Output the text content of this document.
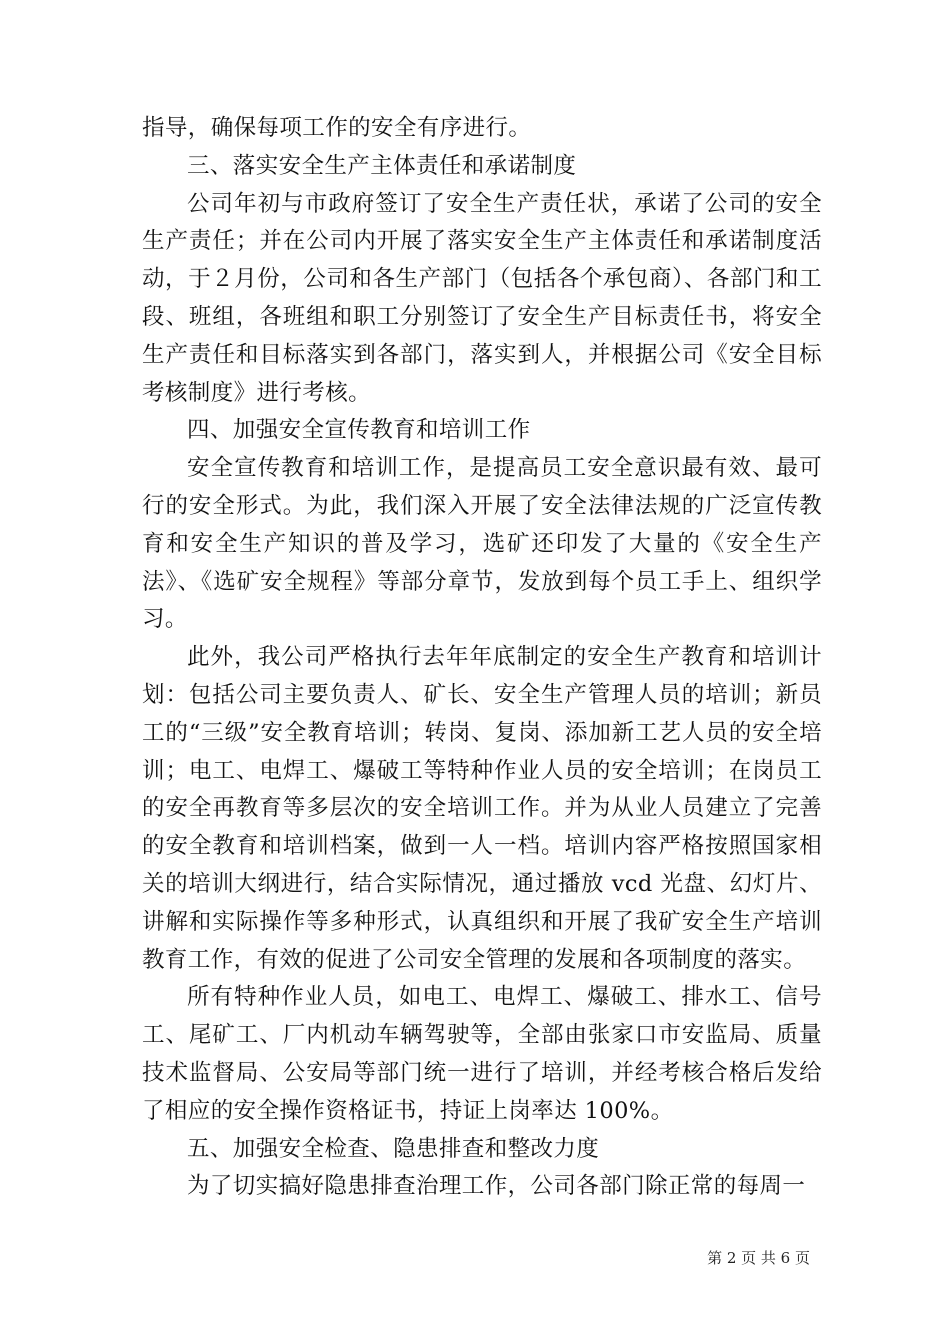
指导，确保每项工作的安全有序进行。

三、落实安全生产主体责任和承诺制度

公司年初与市政府签订了安全生产责任状，承诺了公司的安全生产责任；并在公司内开展了落实安全生产主体责任和承诺制度活动，于２月份，公司和各生产部门（包括各个承包商）、各部门和工段、班组，各班组和职工分别签订了安全生产目标责任书，将安全生产责任和目标落实到各部门，落实到人，并根据公司《安全目标考核制度》进行考核。

四、加强安全宣传教育和培训工作

安全宣传教育和培训工作，是提高员工安全意识最有效、最可行的安全形式。为此，我们深入开展了安全法律法规的广泛宣传教育和安全生产知识的普及学习，选矿还印发了大量的《安全生产法》、《选矿安全规程》等部分章节，发放到每个员工手上、组织学习。

此外，我公司严格执行去年年底制定的安全生产教育和培训计划：包括公司主要负责人、矿长、安全生产管理人员的培训；新员工的“三级”安全教育培训；转岗、复岗、添加新工艺人员的安全培训；电工、电焊工、爆破工等特种作业人员的安全培训；在岗员工的安全再教育等多层次的安全培训工作。并为从业人员建立了完善的安全教育和培训档案，做到一人一档。培训内容严格按照国家相关的培训大纲进行，结合实际情况，通过播放 vcd 光盘、幻灯片、讲解和实际操作等多种形式，认真组织和开展了我矿安全生产培训教育工作，有效的促进了公司安全管理的发展和各项制度的落实。

所有特种作业人员，如电工、电焊工、爆破工、排水工、信号工、尾矿工、厂内机动车辆驾驶等，全部由张家口市安监局、质量技术监督局、公安局等部门统一进行了培训，并经考核合格后发给了相应的安全操作资格证书，持证上岗率达 100%。

五、加强安全检查、隐患排查和整改力度

为了切实搞好隐患排查治理工作，公司各部门除正常的每周一

第 2 页 共 6 页
